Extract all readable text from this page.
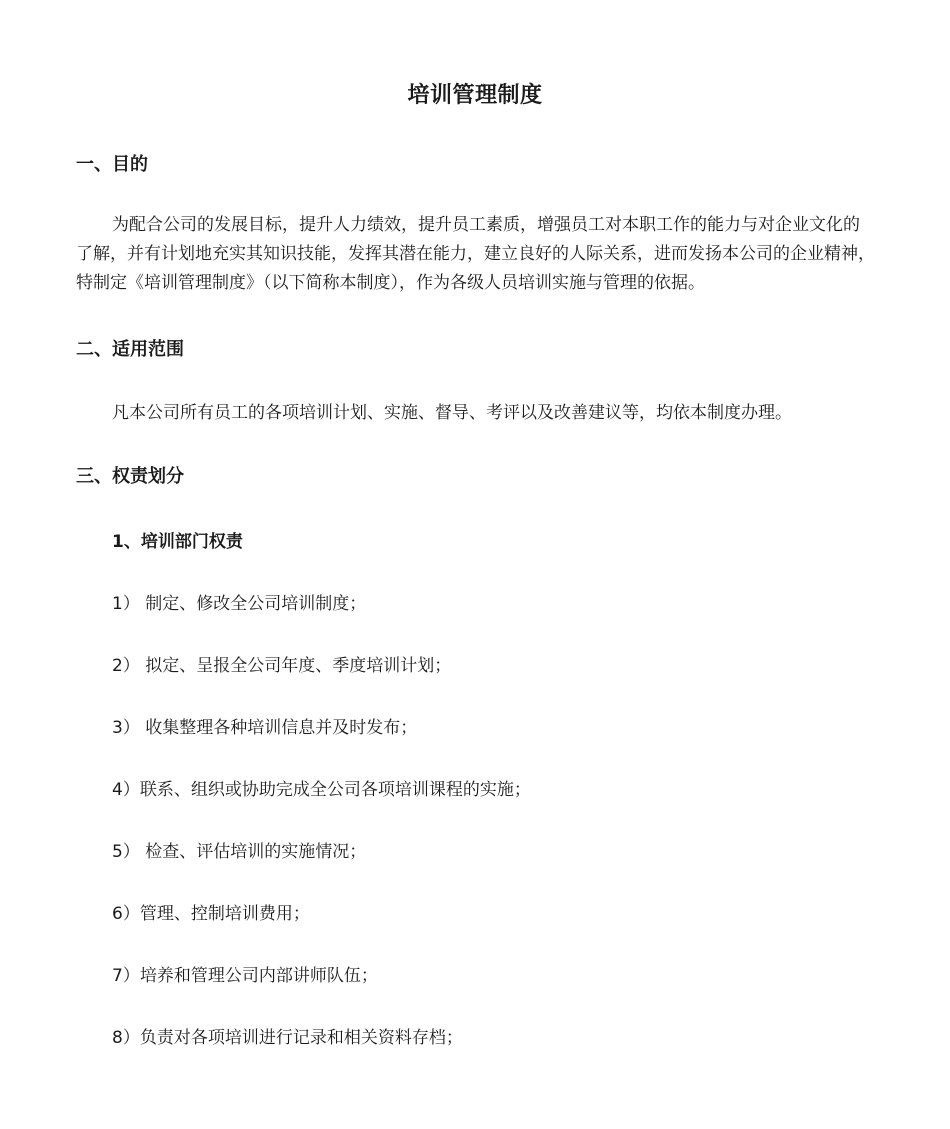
培训管理制度
一、目的
为配合公司的发展目标，提升人力绩效，提升员工素质，增强员工对本职工作的能力与对企业文化的了解，并有计划地充实其知识技能，发挥其潜在能力，建立良好的人际关系，进而发扬本公司的企业精神，特制定《培训管理制度》（以下简称本制度），作为各级人员培训实施与管理的依据。
二、适用范围
凡本公司所有员工的各项培训计划、实施、督导、考评以及改善建议等，均依本制度办理。
三、权责划分
1、培训部门权责
1） 制定、修改全公司培训制度；
2） 拟定、呈报全公司年度、季度培训计划；
3） 收集整理各种培训信息并及时发布；
4）联系、组织或协助完成全公司各项培训课程的实施；
5） 检查、评估培训的实施情况；
6）管理、控制培训费用；
7）培养和管理公司内部讲师队伍；
8）负责对各项培训进行记录和相关资料存档；
